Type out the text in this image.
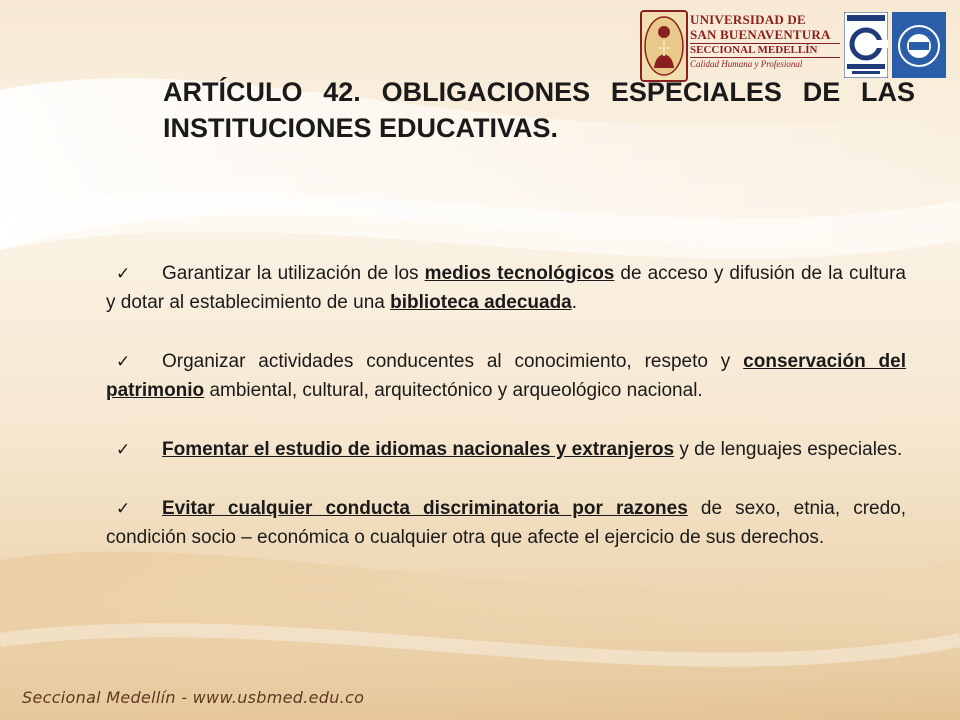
UNIVERSIDAD DE
SAN BUENAVENTURA
SECCIONAL MEDELLÍN
Calidad Humana y Profesional
ARTÍCULO 42. OBLIGACIONES ESPECIALES DE LAS INSTITUCIONES EDUCATIVAS.

✓ Garantizar la utilización de los medios tecnológicos de acceso y difusión de la cultura y dotar al establecimiento de una biblioteca adecuada.

✓ Organizar actividades conducentes al conocimiento, respeto y conservación del patrimonio ambiental, cultural, arquitectónico y arqueológico nacional.

✓ Fomentar el estudio de idiomas nacionales y extranjeros y de lenguajes especiales.

✓ Evitar cualquier conducta discriminatoria por razones de sexo, etnia, credo, condición socio – económica o cualquier otra que afecte el ejercicio de sus derechos.

Seccional Medellín - www.usbmed.edu.co
